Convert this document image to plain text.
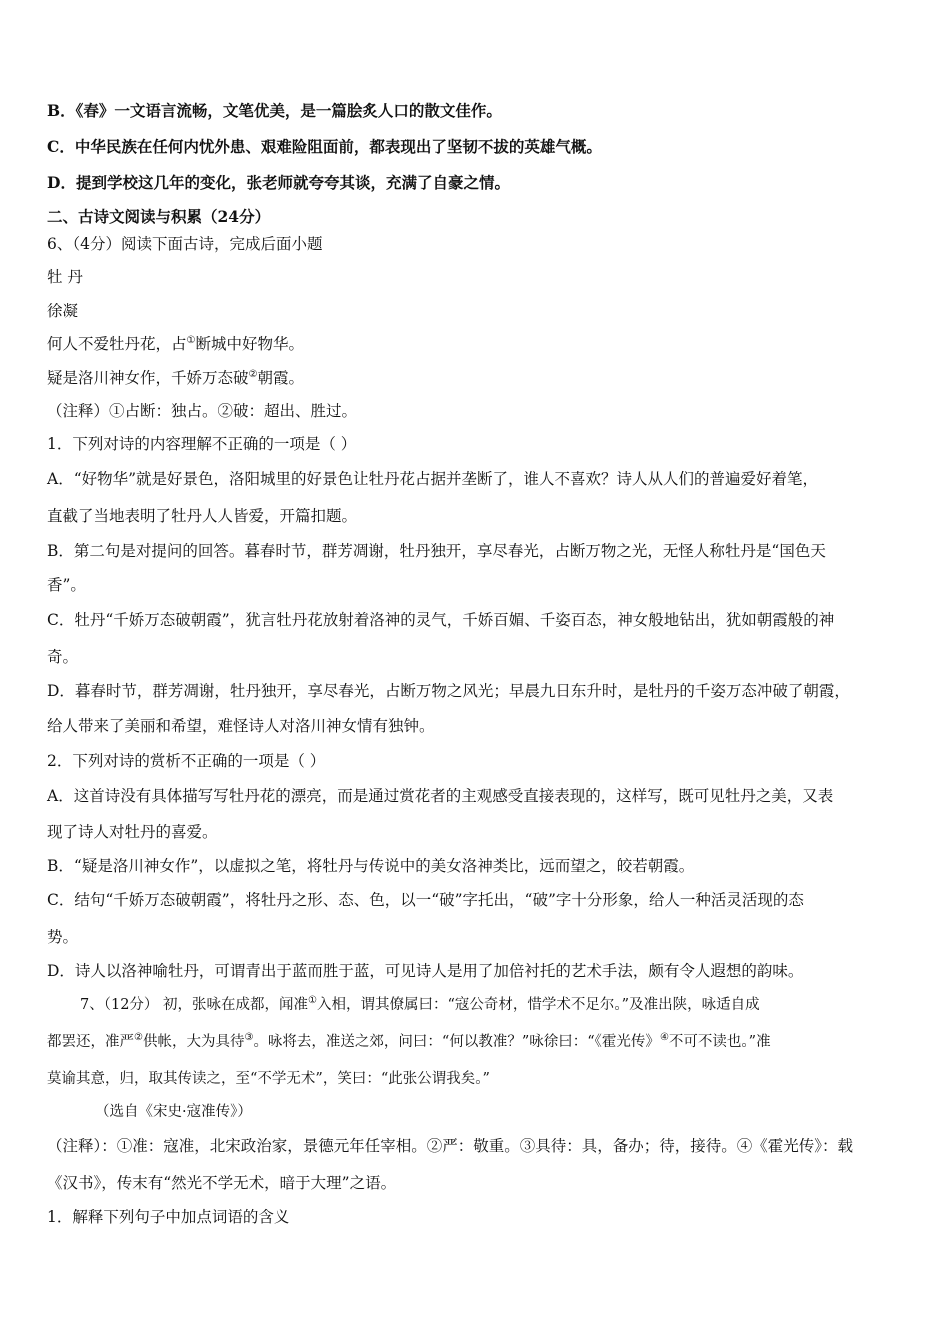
B．《春》一文语言流畅，文笔优美，是一篇脍炙人口的散文佳作。
C．中华民族在任何内忧外患、艰难险阻面前，都表现出了坚韧不拔的英雄气概。
D．提到学校这几年的变化，张老师就夸夸其谈，充满了自豪之情。
二、古诗文阅读与积累（24分）
6、（4分）阅读下面古诗，完成后面小题
牡 丹
徐凝
何人不爱牡丹花，占①断城中好物华。
疑是洛川神女作，千娇万态破②朝霞。
（注释）①占断：独占。②破：超出、胜过。
1．下列对诗的内容理解不正确的一项是（ ）
A．“好物华”就是好景色，洛阳城里的好景色让牡丹花占据并垄断了，谁人不喜欢？诗人从人们的普遍爱好着笔，
直截了当地表明了牡丹人人皆爱，开篇扣题。
B．第二句是对提问的回答。暮春时节，群芳凋谢，牡丹独开，享尽春光，占断万物之光，无怪人称牡丹是“国色天
香”。
C．牡丹“千娇万态破朝霞”，犹言牡丹花放射着洛神的灵气，千娇百媚、千姿百态，神女般地钻出，犹如朝霞般的神
奇。
D．暮春时节，群芳凋谢，牡丹独开，享尽春光，占断万物之风光；早晨九日东升时，是牡丹的千姿万态冲破了朝霞，
给人带来了美丽和希望，难怪诗人对洛川神女情有独钟。
2．下列对诗的赏析不正确的一项是（ ）
A．这首诗没有具体描写写牡丹花的漂亮，而是通过赏花者的主观感受直接表现的，这样写，既可见牡丹之美，又表
现了诗人对牡丹的喜爱。
B．“疑是洛川神女作”，以虚拟之笔，将牡丹与传说中的美女洛神类比，远而望之，皎若朝霞。
C．结句“千娇万态破朝霞”，将牡丹之形、态、色，以一“破”字托出，“破”字十分形象，给人一种活灵活现的态
势。
D．诗人以洛神喻牡丹，可谓青出于蓝而胜于蓝，可见诗人是用了加倍衬托的艺术手法，颇有令人遐想的韵味。
7、（12分） 初，张咏在成都，闻准①入相，谓其僚属曰：“寇公奇材，惜学术不足尔。”及准出陕，咏适自成
都罢还，准严②供帐，大为具待③。咏将去，准送之郊，问曰：“何以教准？”咏徐曰：“《霍光传》④不可不读也。”准
莫谕其意，归，取其传读之，至“不学无术”，笑曰：“此张公谓我矣。”
（选自《宋史·寇准传》）
（注释）：①准：寇准，北宋政治家，景德元年任宰相。②严：敬重。③具待：具，备办；待，接待。④《霍光传》：载
《汉书》，传末有“然光不学无术，暗于大理”之语。
1．解释下列句子中加点词语的含义
